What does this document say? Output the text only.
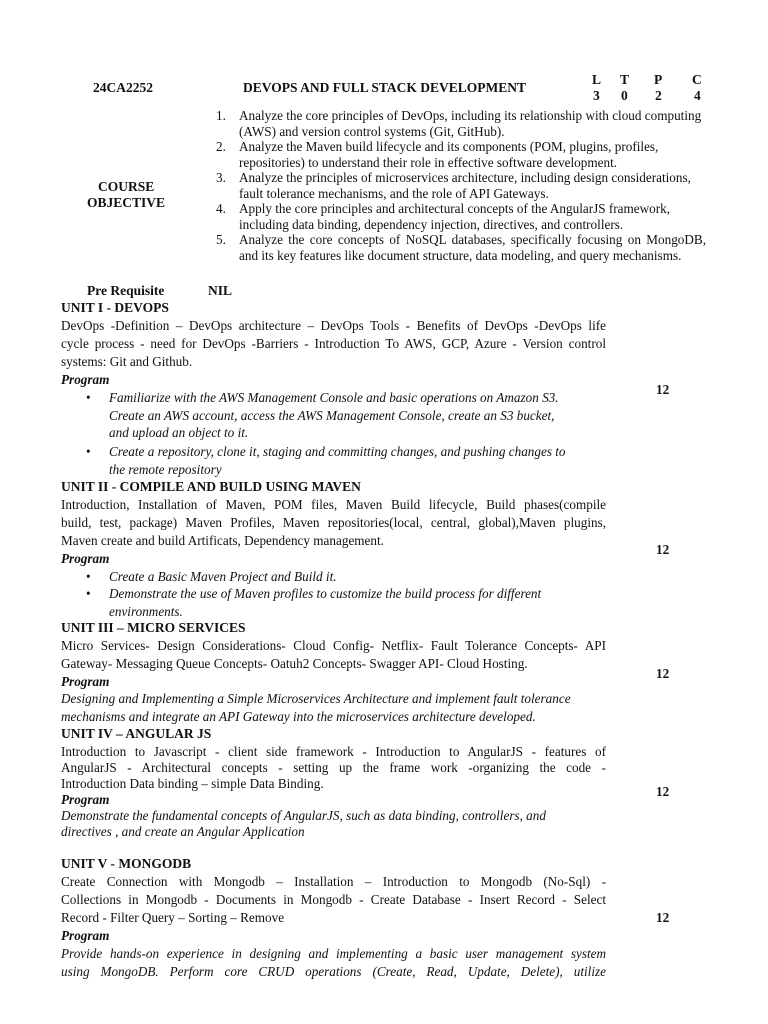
24CA2252	DEVOPS AND FULL STACK DEVELOPMENT
L T P C
3 0 2 4
COURSE
OBJECTIVE
1. Analyze the core principles of DevOps, including its relationship with cloud computing (AWS) and version control systems (Git, GitHub).
2. Analyze the Maven build lifecycle and its components (POM, plugins, profiles, repositories) to understand their role in effective software development.
3. Analyze the principles of microservices architecture, including design considerations, fault tolerance mechanisms, and the role of API Gateways.
4. Apply the core principles and architectural concepts of the AngularJS framework, including data binding, dependency injection, directives, and controllers.
5. Analyze the core concepts of NoSQL databases, specifically focusing on MongoDB, and its key features like document structure, data modeling, and query mechanisms.
Pre Requisite	NIL
UNIT I - DEVOPS
DevOps -Definition – DevOps architecture – DevOps Tools - Benefits of DevOps -DevOps life
cycle process - need for DevOps -Barriers - Introduction To AWS, GCP, Azure - Version control
systems: Git and Github.
Program
• Familiarize with the AWS Management Console and basic operations on Amazon S3.
Create an AWS account, access the AWS Management Console, create an S3 bucket,
and upload an object to it.
• Create a repository, clone it, staging and committing changes, and pushing changes to
the remote repository
12
UNIT II - COMPILE AND BUILD USING MAVEN
Introduction, Installation of Maven, POM files, Maven Build lifecycle, Build phases(compile
build, test, package) Maven Profiles, Maven repositories(local, central, global),Maven plugins,
Maven create and build Artificats, Dependency management.
Program
• Create a Basic Maven Project and Build it.
• Demonstrate the use of Maven profiles to customize the build process for different
environments.
12
UNIT III – MICRO SERVICES
Micro Services- Design Considerations- Cloud Config- Netflix- Fault Tolerance Concepts- API
Gateway- Messaging Queue Concepts- Oatuh2 Concepts- Swagger API- Cloud Hosting.
Program
Designing and Implementing a Simple Microservices Architecture and implement fault tolerance
mechanisms and integrate an API Gateway into the microservices architecture developed.
12
UNIT IV – ANGULAR JS
Introduction to Javascript - client side framework - Introduction to AngularJS - features of
AngularJS - Architectural concepts - setting up the frame work -organizing the code -
Introduction Data binding – simple Data Binding.
Program
Demonstrate the fundamental concepts of AngularJS, such as data binding, controllers, and
directives , and create an Angular Application
12
UNIT V - MONGODB
Create Connection with Mongodb – Installation – Introduction to Mongodb (No-Sql) -
Collections in Mongodb - Documents in Mongodb - Create Database - Insert Record - Select
Record - Filter Query – Sorting – Remove
Program
Provide hands-on experience in designing and implementing a basic user management system
using MongoDB. Perform core CRUD operations (Create, Read, Update, Delete), utilize
12
